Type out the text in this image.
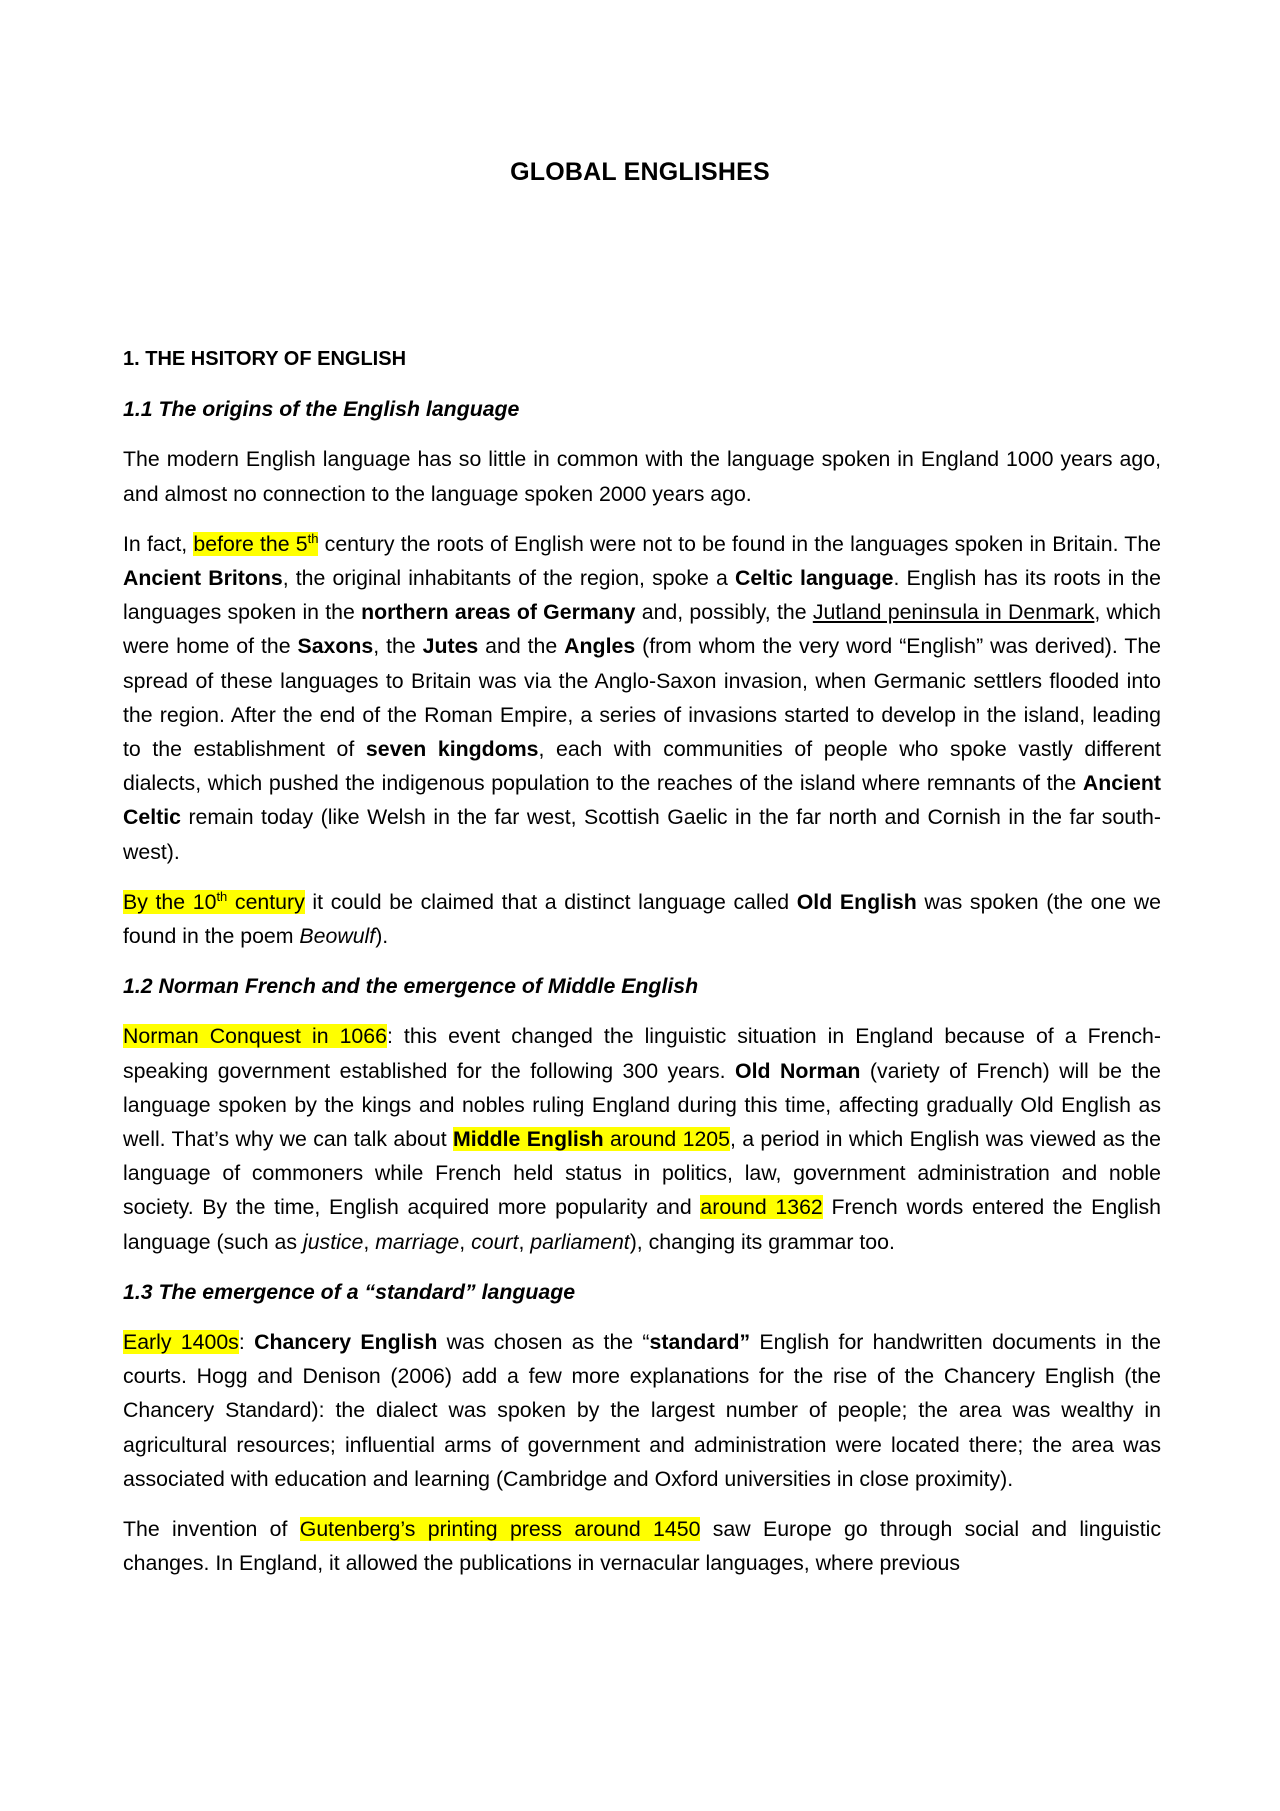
GLOBAL ENGLISHES

1. THE HSITORY OF ENGLISH

1.1 The origins of the English language

The modern English language has so little in common with the language spoken in England 1000 years ago, and almost no connection to the language spoken 2000 years ago.

In fact, before the 5th century the roots of English were not to be found in the languages spoken in Britain. The Ancient Britons, the original inhabitants of the region, spoke a Celtic language. English has its roots in the languages spoken in the northern areas of Germany and, possibly, the Jutland peninsula in Denmark, which were home of the Saxons, the Jutes and the Angles (from whom the very word “English” was derived). The spread of these languages to Britain was via the Anglo-Saxon invasion, when Germanic settlers flooded into the region. After the end of the Roman Empire, a series of invasions started to develop in the island, leading to the establishment of seven kingdoms, each with communities of people who spoke vastly different dialects, which pushed the indigenous population to the reaches of the island where remnants of the Ancient Celtic remain today (like Welsh in the far west, Scottish Gaelic in the far north and Cornish in the far south-west).

By the 10th century it could be claimed that a distinct language called Old English was spoken (the one we found in the poem Beowulf).

1.2 Norman French and the emergence of Middle English

Norman Conquest in 1066: this event changed the linguistic situation in England because of a French-speaking government established for the following 300 years. Old Norman (variety of French) will be the language spoken by the kings and nobles ruling England during this time, affecting gradually Old English as well. That’s why we can talk about Middle English around 1205, a period in which English was viewed as the language of commoners while French held status in politics, law, government administration and noble society. By the time, English acquired more popularity and around 1362 French words entered the English language (such as justice, marriage, court, parliament), changing its grammar too.

1.3 The emergence of a “standard” language

Early 1400s: Chancery English was chosen as the “standard” English for handwritten documents in the courts. Hogg and Denison (2006) add a few more explanations for the rise of the Chancery English (the Chancery Standard): the dialect was spoken by the largest number of people; the area was wealthy in agricultural resources; influential arms of government and administration were located there; the area was associated with education and learning (Cambridge and Oxford universities in close proximity).

The invention of Gutenberg’s printing press around 1450 saw Europe go through social and linguistic changes. In England, it allowed the publications in vernacular languages, where previous
